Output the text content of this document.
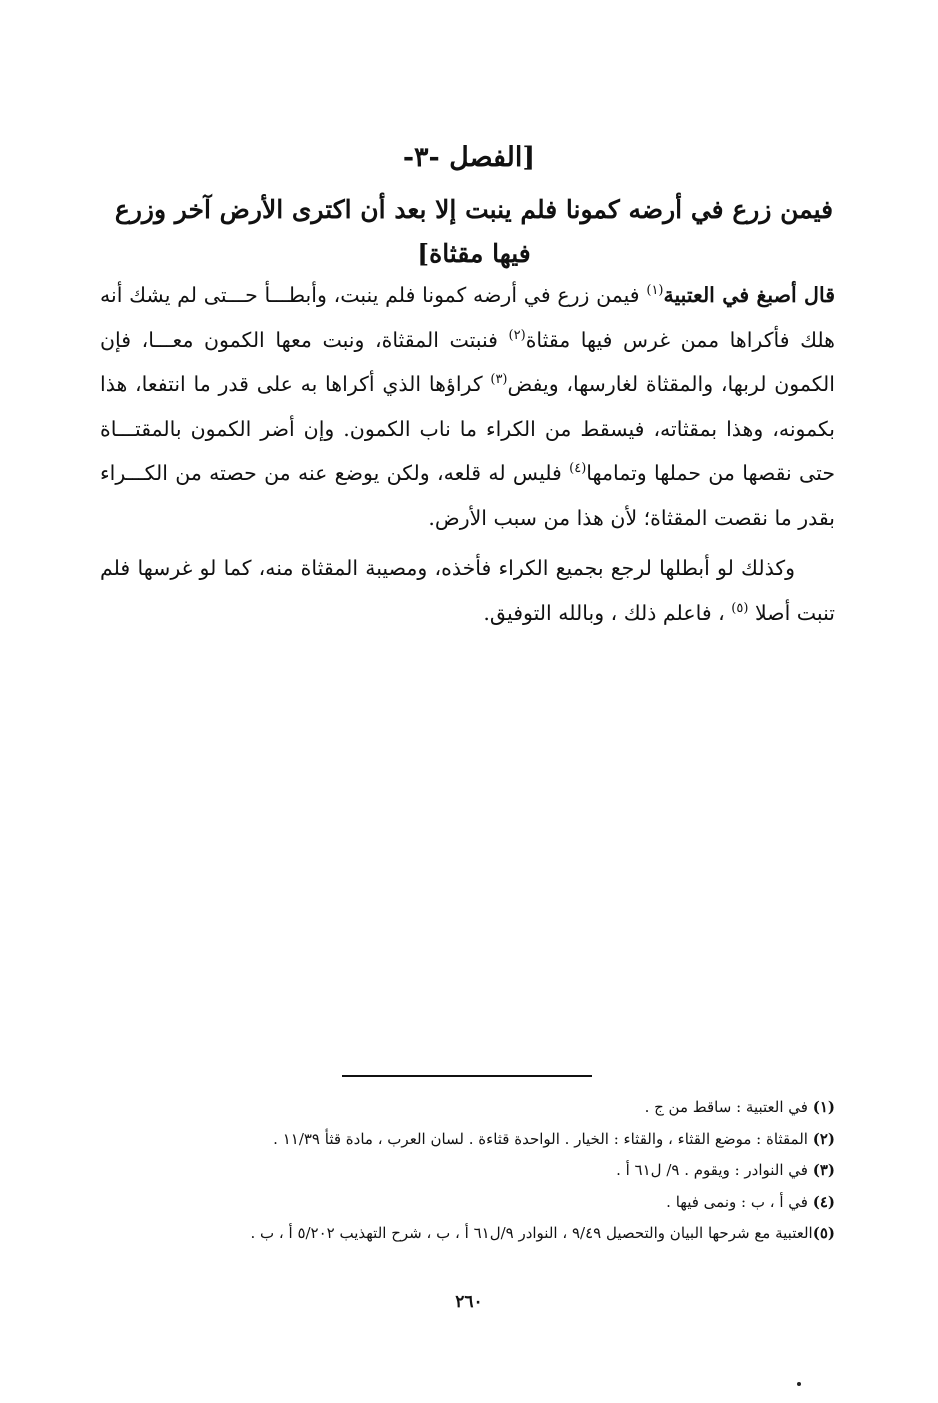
[الفصل -٣-
فيمن زرع في أرضه كمونا فلم ينبت إلا بعد أن اكترى الأرض آخر وزرع فيها مقثاة]

قال أصبغ في العتبية$^{(١)}$ فيمن زرع في أرضه كمونا فلم ينبت، وأبطـــأ حـــتى لم يشك أنه هلك فأكراها ممن غرس فيها مقثاة$^{(٢)}$ فنبتت المقثاة، ونبت معها الكمون معـــا، فإن الكمون لربها، والمقثاة لغارسها، ويفض$^{(٣)}$ كراؤها الذي أكراها به على قدر ما انتفعا، هذا بكمونه، وهذا بمقثاته، فيسقط من الكراء ما ناب الكمون. وإن أضر الكمون بالمقتـــاة حتى نقصها من حملها وتمامها$^{(٤)}$ فليس له قلعه، ولكن يوضع عنه من حصته من الكـــراء بقدر ما نقصت المقثاة؛ لأن هذا من سبب الأرض.

وكذلك لو أبطلها لرجع بجميع الكراء فأخذه، ومصيبة المقثاة منه، كما لو غرسها فلم تنبت أصلا $^{(٥)}$ ، فاعلم ذلك ، وبالله التوفيق.

(١) في العتبية : ساقط من ج .
(٢) المقثاة : موضع القثاء ، والقثاء : الخيار . الواحدة قثاءة . لسان العرب ، مادة قثأ ١١/٣٩ .
(٣) في النوادر : ويقوم . ٩/ ل٦١ أ .
(٤) في أ ، ب : ونمى فيها .
(٥)العتبية مع شرحها البيان والتحصيل ٩/٤٩ ، النوادر ٩/ل٦١ أ ، ب ، شرح التهذيب ٥/٢٠٢ أ ، ب .
٢٦٠
